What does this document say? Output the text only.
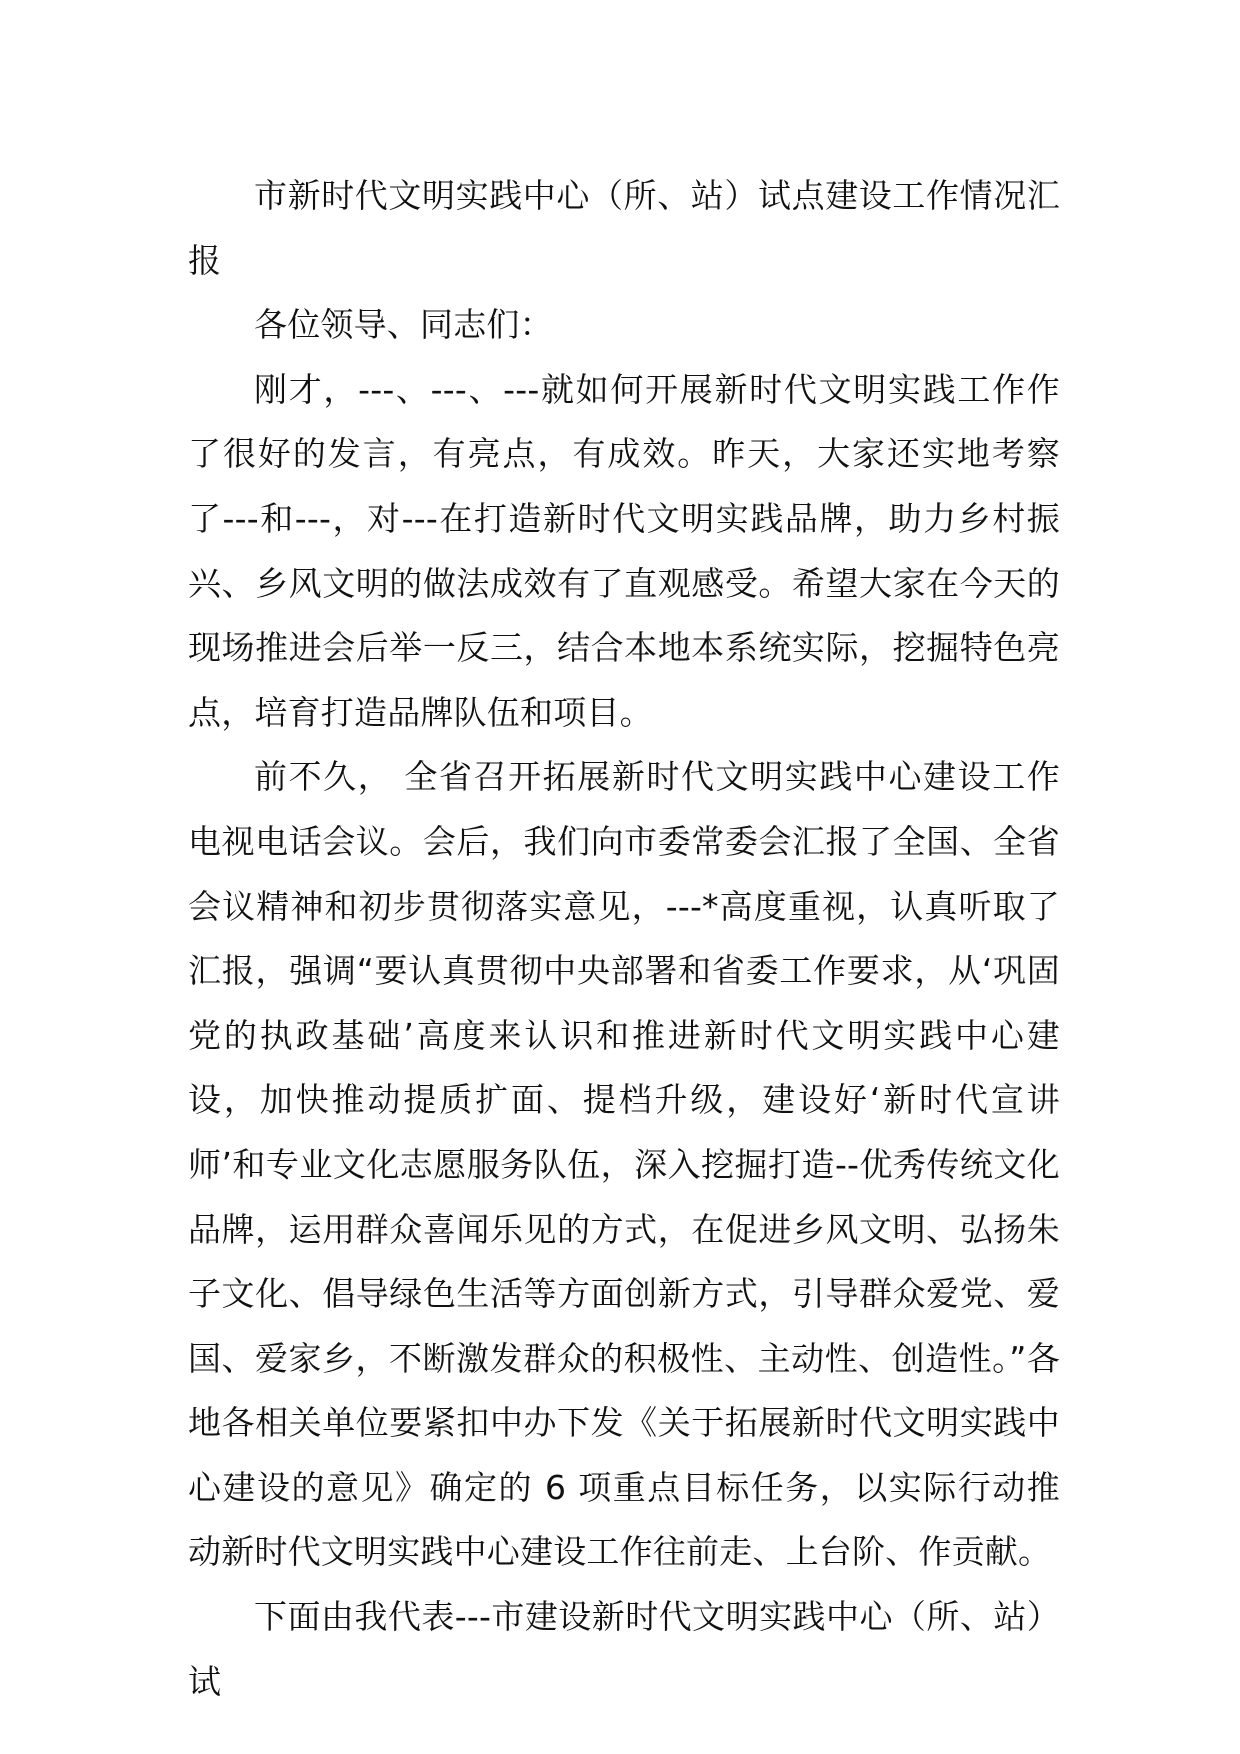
市新时代文明实践中心（所、站）试点建设工作情况汇报

各位领导、同志们：

刚才，---、---、---就如何开展新时代文明实践工作作了很好的发言，有亮点，有成效。昨天，大家还实地考察了---和---，对---在打造新时代文明实践品牌，助力乡村振兴、乡风文明的做法成效有了直观感受。希望大家在今天的现场推进会后举一反三，结合本地本系统实际，挖掘特色亮点，培育打造品牌队伍和项目。

前不久， 全省召开拓展新时代文明实践中心建设工作电视电话会议。会后，我们向市委常委会汇报了全国、全省会议精神和初步贯彻落实意见，---*高度重视，认真听取了汇报，强调“要认真贯彻中央部署和省委工作要求，从‘巩固党的执政基础’高度来认识和推进新时代文明实践中心建设，加快推动提质扩面、提档升级，建设好‘新时代宣讲师’和专业文化志愿服务队伍，深入挖掘打造--优秀传统文化品牌，运用群众喜闻乐见的方式，在促进乡风文明、弘扬朱子文化、倡导绿色生活等方面创新方式，引导群众爱党、爱国、爱家乡，不断激发群众的积极性、主动性、创造性。”各地各相关单位要紧扣中办下发《关于拓展新时代文明实践中心建设的意见》确定的 6 项重点目标任务，以实际行动推动新时代文明实践中心建设工作往前走、上台阶、作贡献。

下面由我代表---市建设新时代文明实践中心（所、站）试
